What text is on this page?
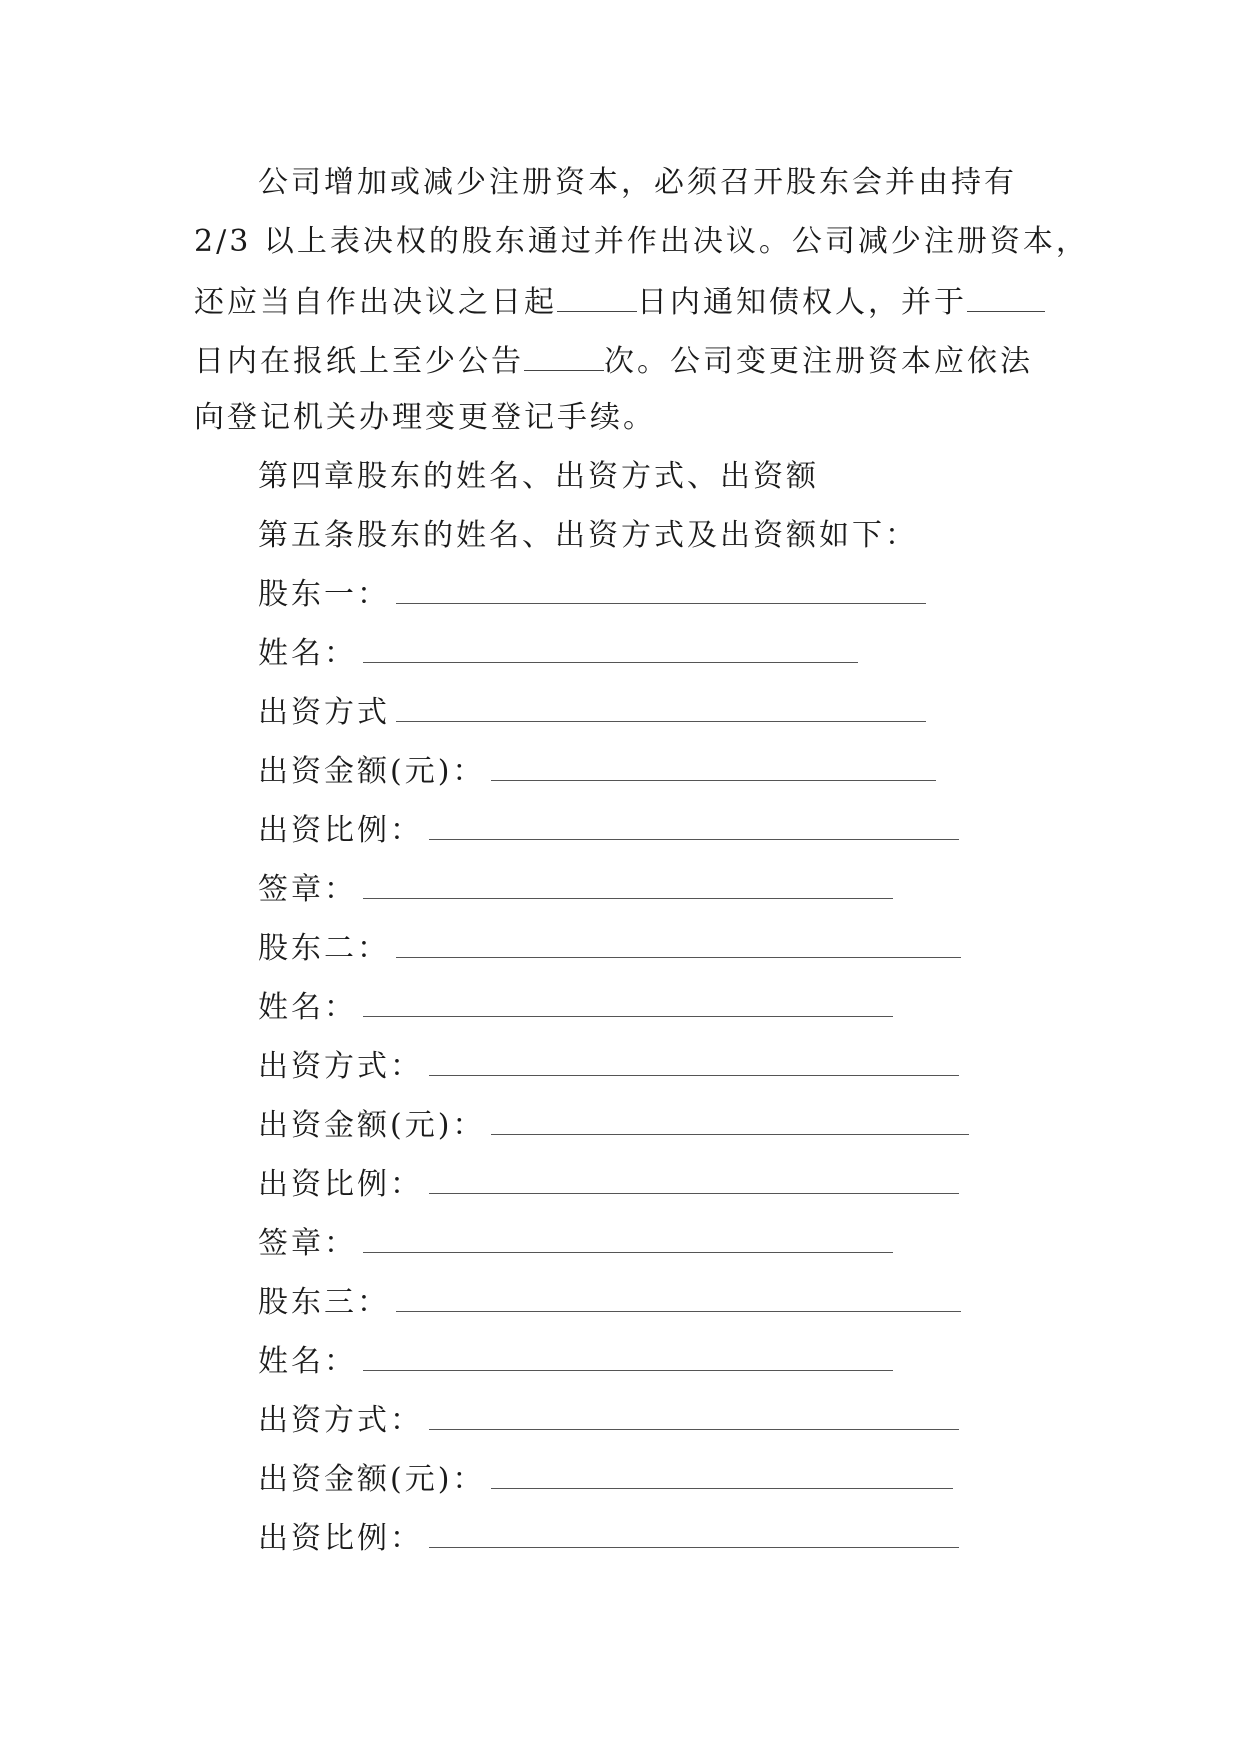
公司增加或减少注册资本，必须召开股东会并由持有
2/3 以上表决权的股东通过并作出决议。公司减少注册资本，
还应当自作出决议之日起	日内通知债权人，并于
日内在报纸上至少公告	次。公司变更注册资本应依法
向登记机关办理变更登记手续。
第四章股东的姓名、出资方式、出资额
第五条股东的姓名、出资方式及出资额如下：
股东一：
姓名：
出资方式
出资金额(元)：
出资比例：
签章：
股东二：
姓名：
出资方式：
出资金额(元)：
出资比例：
签章：
股东三：
姓名：
出资方式：
出资金额(元)：
出资比例：
